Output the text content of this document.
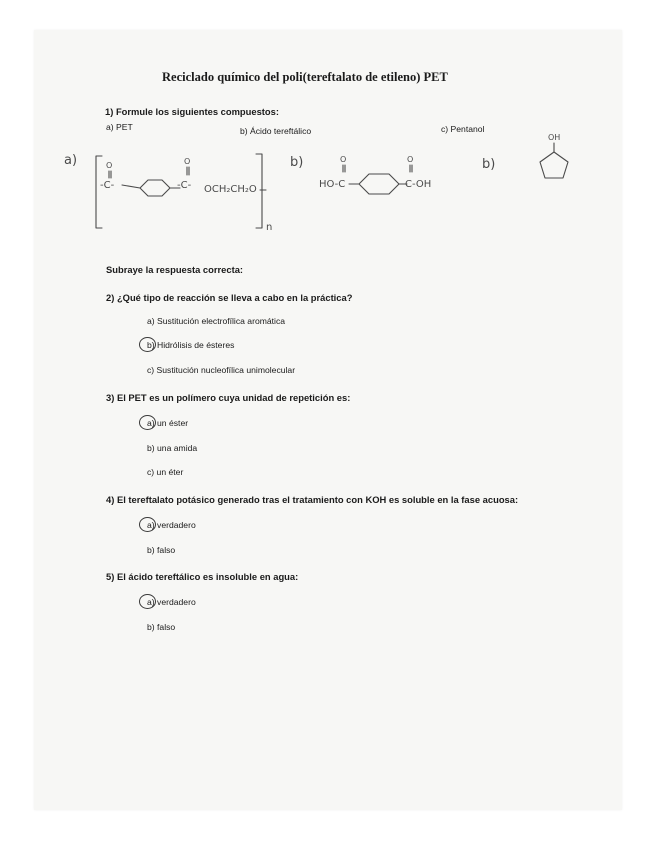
Reciclado químico del poli(tereftalato de etileno) PET
1) Formule los siguientes compuestos:
a) PET	b) Ácido tereftálico	c) Pentanol
a)	O
-C-
O
-C- OCH₂CH₂O
n
b)	O
HO-C
O
C-OH
b)
OH
Subraye la respuesta correcta:
2) ¿Qué tipo de reacción se lleva a cabo en la práctica?
a) Sustitución electrofílica aromática
b) Hidrólisis de ésteres
c) Sustitución nucleofílica unimolecular
3) El PET es un polímero cuya unidad de repetición es:
a) un éster
b) una amida
c) un éter
4) El tereftalato potásico generado tras el tratamiento con KOH es soluble en la fase acuosa:
a) verdadero
b) falso
5) El ácido tereftálico es insoluble en agua:
a) verdadero
b) falso
